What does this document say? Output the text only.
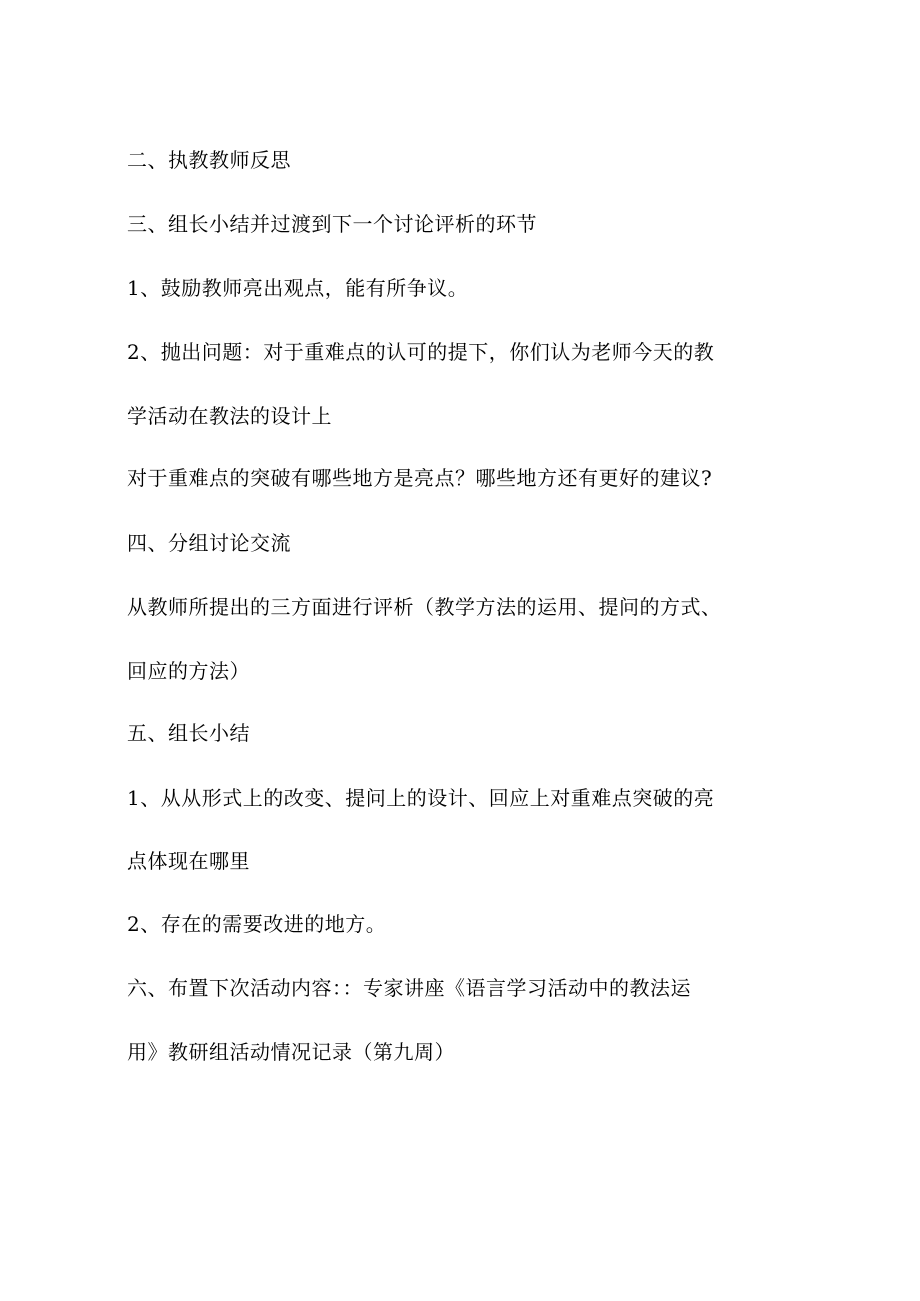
二、执教教师反思
三、组长小结并过渡到下一个讨论评析的环节
1、鼓励教师亮出观点，能有所争议。
2、抛出问题：对于重难点的认可的提下，你们认为老师今天的教
学活动在教法的设计上
对于重难点的突破有哪些地方是亮点？哪些地方还有更好的建议?
四、分组讨论交流
从教师所提出的三方面进行评析（教学方法的运用、提问的方式、
回应的方法）
五、组长小结
1、从从形式上的改变、提问上的设计、回应上对重难点突破的亮
点体现在哪里
2、存在的需要改进的地方。
六、布置下次活动内容：：专家讲座《语言学习活动中的教法运
用》教研组活动情况记录（第九周）
